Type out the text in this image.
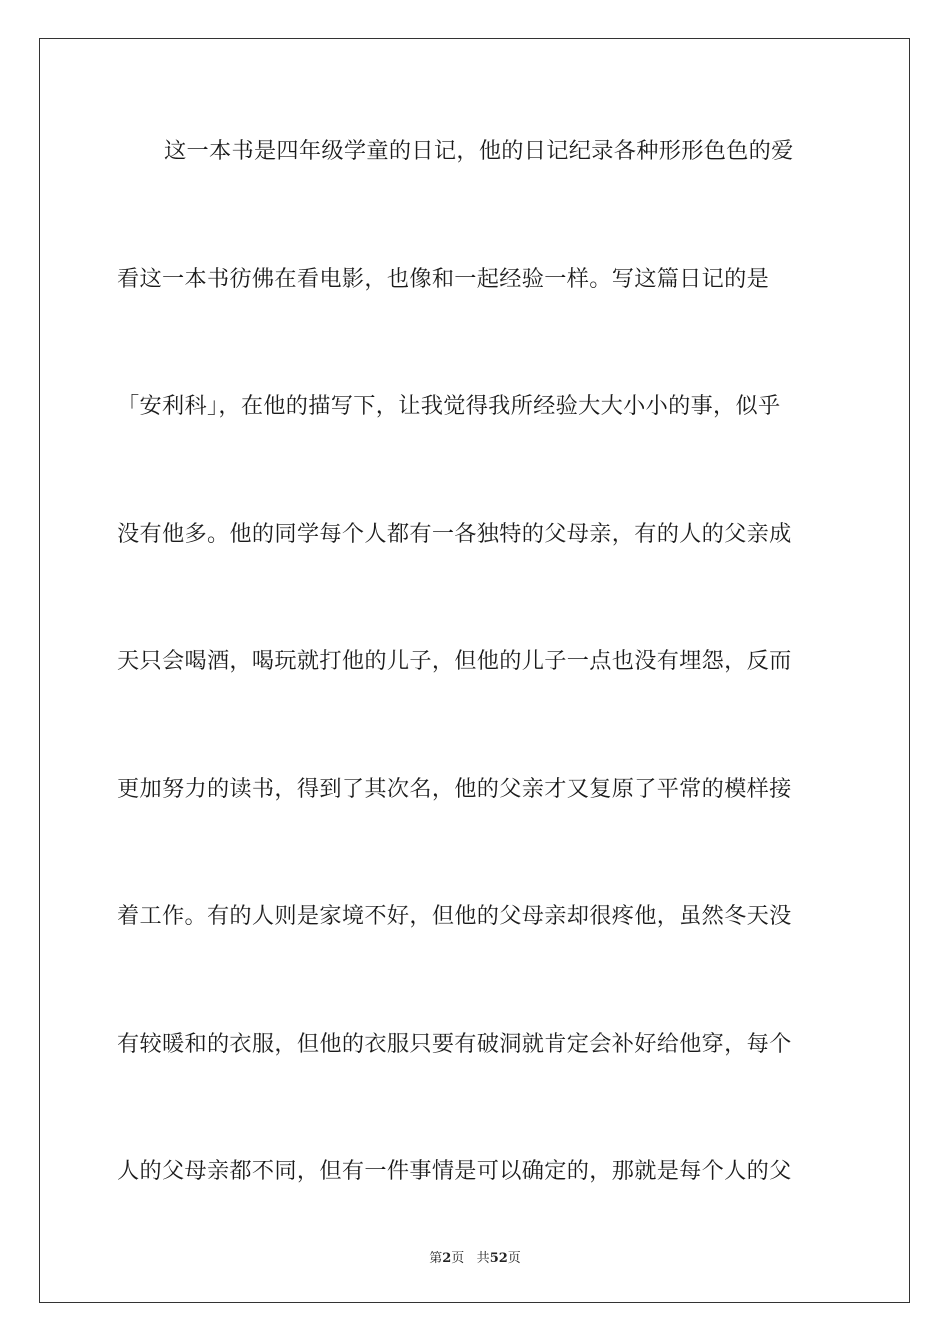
这一本书是四年级学童的日记，他的日记纪录各种形形色色的爱
看这一本书彷佛在看电影，也像和一起经验一样。写这篇日记的是
「安利科」，在他的描写下，让我觉得我所经验大大小小的事，似乎
没有他多。他的同学每个人都有一各独特的父母亲，有的人的父亲成
天只会喝酒，喝玩就打他的儿子，但他的儿子一点也没有埋怨，反而
更加努力的读书，得到了其次名，他的父亲才又复原了平常的模样接
着工作。有的人则是家境不好，但他的父母亲却很疼他，虽然冬天没
有较暖和的衣服，但他的衣服只要有破洞就肯定会补好给他穿，每个
人的父母亲都不同，但有一件事情是可以确定的，那就是每个人的父
第2页 共52页
